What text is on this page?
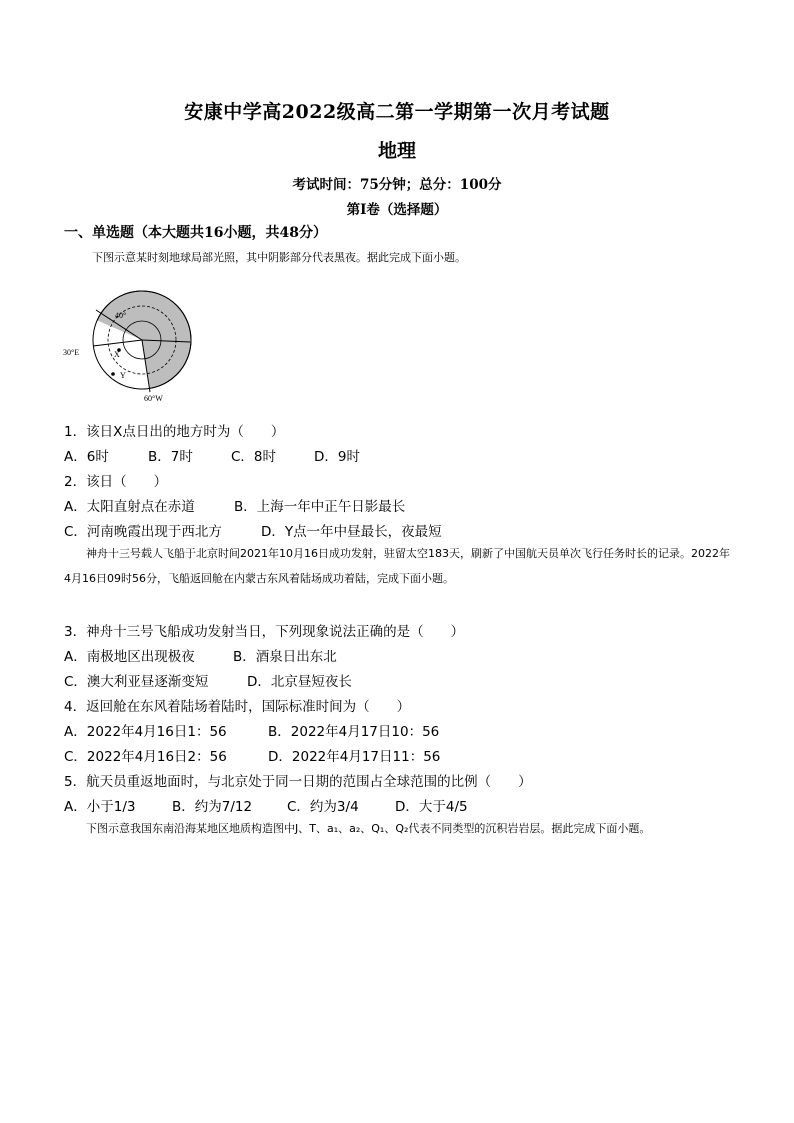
安康中学高2022级高二第一学期第一次月考试题
地理
考试时间：75分钟；总分：100分
第Ⅰ卷（选择题）
一、单选题（本大题共16小题，共48分）
下图示意某时刻地球局部光照，其中阴影部分代表黑夜。据此完成下面小题。
40°
30°E
60°W
X
Y
1．该日X点日出的地方时为（　　）
A．6时	B．7时	C．8时	D．9时
2．该日（　　）
A．太阳直射点在赤道	B．上海一年中正午日影最长
C．河南晚霞出现于西北方	D．Y点一年中昼最长，夜最短
神舟十三号载人飞船于北京时间2021年10月16日成功发射，驻留太空183天，刷新了中国航天员单次飞行任务时长的记录。2022年4月16日09时56分，飞船返回舱在内蒙古东风着陆场成功着陆，完成下面小题。
3．神舟十三号飞船成功发射当日，下列现象说法正确的是（　　）
A．南极地区出现极夜	B．酒泉日出东北
C．澳大利亚昼逐渐变短	D．北京昼短夜长
4．返回舱在东风着陆场着陆时，国际标准时间为（　　）
A．2022年4月16日1：56	B．2022年4月17日10：56
C．2022年4月16日2：56	D．2022年4月17日11：56
5．航天员重返地面时，与北京处于同一日期的范围占全球范围的比例（　　）
A．小于1/3	B．约为7/12	C．约为3/4	D．大于4/5
下图示意我国东南沿海某地区地质构造图中J、T、a₁、a₂、Q₁、Q₂代表不同类型的沉积岩岩层。据此完成下面小题。
